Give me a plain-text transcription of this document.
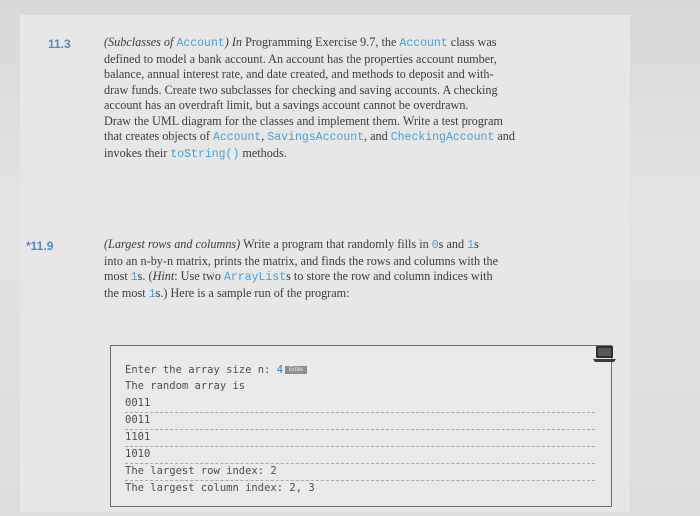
11.3	(Subclasses of Account) In Programming Exercise 9.7, the Account class was
defined to model a bank account. An account has the properties account number,
balance, annual interest rate, and date created, and methods to deposit and with-
draw funds. Create two subclasses for checking and saving accounts. A checking
account has an overdraft limit, but a savings account cannot be overdrawn.
Draw the UML diagram for the classes and implement them. Write a test program
that creates objects of Account, SavingsAccount, and CheckingAccount and
invokes their toString() methods.
*11.9	(Largest rows and columns) Write a program that randomly fills in 0s and 1s
into an n-by-n matrix, prints the matrix, and finds the rows and columns with the
most 1s. (Hint: Use two ArrayLists to store the row and column indices with
the most 1s.) Here is a sample run of the program:
Enter the array size n: 4 Enter
The random array is
0011
0011
1101
1010
The largest row index: 2
The largest column index: 2, 3
